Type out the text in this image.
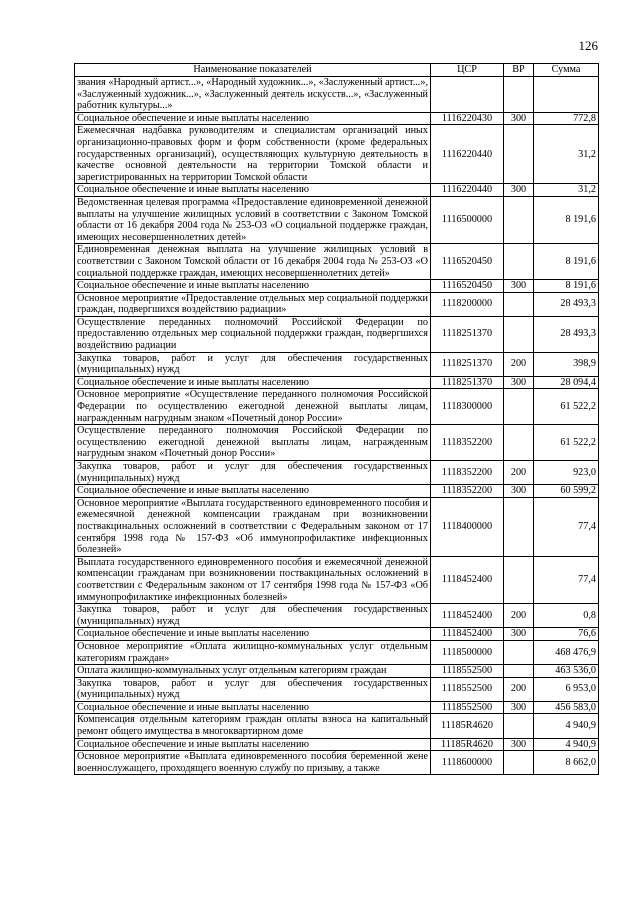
126
Наименование показателей	ЦСР	ВР	Сумма
звания «Народный артист...», «Народный художник...», «Заслуженный артист...», «Заслуженный художник...», «Заслуженный деятель искусств...», «Заслуженный работник культуры...»			
Социальное обеспечение и иные выплаты населению	1116220430	300	772,8
Ежемесячная надбавка руководителям и специалистам организаций иных организационно-правовых форм и форм собственности (кроме федеральных государственных организаций), осуществляющих культурную деятельность в качестве основной деятельности на территории Томской области и зарегистрированных на территории Томской области	1116220440		31,2
Социальное обеспечение и иные выплаты населению	1116220440	300	31,2
Ведомственная целевая программа «Предоставление единовременной денежной выплаты на улучшение жилищных условий в соответствии с Законом Томской области от 16 декабря 2004 года № 253-ОЗ «О социальной поддержке граждан, имеющих несовершеннолетних детей»	1116500000		8 191,6
Единовременная денежная выплата на улучшение жилищных условий в соответствии с Законом Томской области от 16 декабря 2004 года № 253-ОЗ «О социальной поддержке граждан, имеющих несовершеннолетних детей»	1116520450		8 191,6
Социальное обеспечение и иные выплаты населению	1116520450	300	8 191,6
Основное мероприятие «Предоставление отдельных мер социальной поддержки граждан, подвергшихся воздействию радиации»	1118200000		28 493,3
Осуществление переданных полномочий Российской Федерации по предоставлению отдельных мер социальной поддержки граждан, подвергшихся воздействию радиации	1118251370		28 493,3
Закупка товаров, работ и услуг для обеспечения государственных (муниципальных) нужд	1118251370	200	398,9
Социальное обеспечение и иные выплаты населению	1118251370	300	28 094,4
Основное мероприятие «Осуществление переданного полномочия Российской Федерации по осуществлению ежегодной денежной выплаты лицам, награжденным нагрудным знаком «Почетный донор России»	1118300000		61 522,2
Осуществление переданного полномочия Российской Федерации по осуществлению ежегодной денежной выплаты лицам, награжденным нагрудным знаком «Почетный донор России»	1118352200		61 522,2
Закупка товаров, работ и услуг для обеспечения государственных (муниципальных) нужд	1118352200	200	923,0
Социальное обеспечение и иные выплаты населению	1118352200	300	60 599,2
Основное мероприятие «Выплата государственного единовременного пособия и ежемесячной денежной компенсации гражданам при возникновении поствакцинальных осложнений в соответствии с Федеральным законом от 17 сентября 1998 года № 157-ФЗ «Об иммунопрофилактике инфекционных болезней»	1118400000		77,4
Выплата государственного единовременного пособия и ежемесячной денежной компенсации гражданам при возникновении поствакцинальных осложнений в соответствии с Федеральным законом от 17 сентября 1998 года № 157-ФЗ «Об иммунопрофилактике инфекционных болезней»	1118452400		77,4
Закупка товаров, работ и услуг для обеспечения государственных (муниципальных) нужд	1118452400	200	0,8
Социальное обеспечение и иные выплаты населению	1118452400	300	76,6
Основное мероприятие «Оплата жилищно-коммунальных услуг отдельным категориям граждан»	1118500000		468 476,9
Оплата жилищно-коммунальных услуг отдельным категориям граждан	1118552500		463 536,0
Закупка товаров, работ и услуг для обеспечения государственных (муниципальных) нужд	1118552500	200	6 953,0
Социальное обеспечение и иные выплаты населению	1118552500	300	456 583,0
Компенсация отдельным категориям граждан оплаты взноса на капитальный ремонт общего имущества в многоквартирном доме	11185R4620		4 940,9
Социальное обеспечение и иные выплаты населению	11185R4620	300	4 940,9
Основное мероприятие «Выплата единовременного пособия беременной жене военнослужащего, проходящего военную службу по призыву, а также	1118600000		8 662,0
